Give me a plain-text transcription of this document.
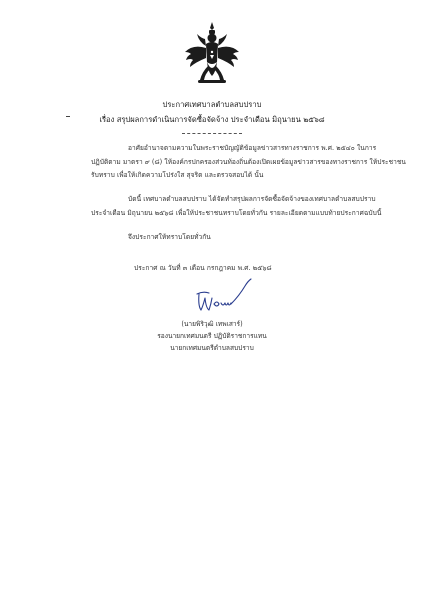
ประกาศเทศบาลตำบลสบปราบ
เรื่อง สรุปผลการดำเนินการจัดซื้อจัดจ้าง ประจำเดือน มิถุนายน ๒๕๖๘
อาศัยอำนาจตามความในพระราชบัญญัติข้อมูลข่าวสารทางราชการ พ.ศ. ๒๕๔๐ ในการ
ปฏิบัติตาม มาตรา ๙ (๘) ให้องค์กรปกครองส่วนท้องถิ่นต้องเปิดเผยข้อมูลข่าวสารของทางราชการ ให้ประชาชน
รับทราบ เพื่อให้เกิดความโปร่งใส สุจริต และตรวจสอบได้ นั้น
บัดนี้ เทศบาลตำบลสบปราบ ได้จัดทำสรุปผลการจัดซื้อจัดจ้างของเทศบาลตำบลสบปราบ
ประจำเดือน มิถุนายน ๒๕๖๘ เพื่อให้ประชาชนทราบโดยทั่วกัน รายละเอียดตามแบบท้ายประกาศฉบับนี้
จึงประกาศให้ทราบโดยทั่วกัน
ประกาศ ณ วันที่ ๓ เดือน กรกฎาคม พ.ศ. ๒๕๖๘
(นายพิริวุฒิ เทพเสาร์)
รองนายกเทศมนตรี ปฏิบัติราชการแทน
นายกเทศมนตรีตำบลสบปราบ
